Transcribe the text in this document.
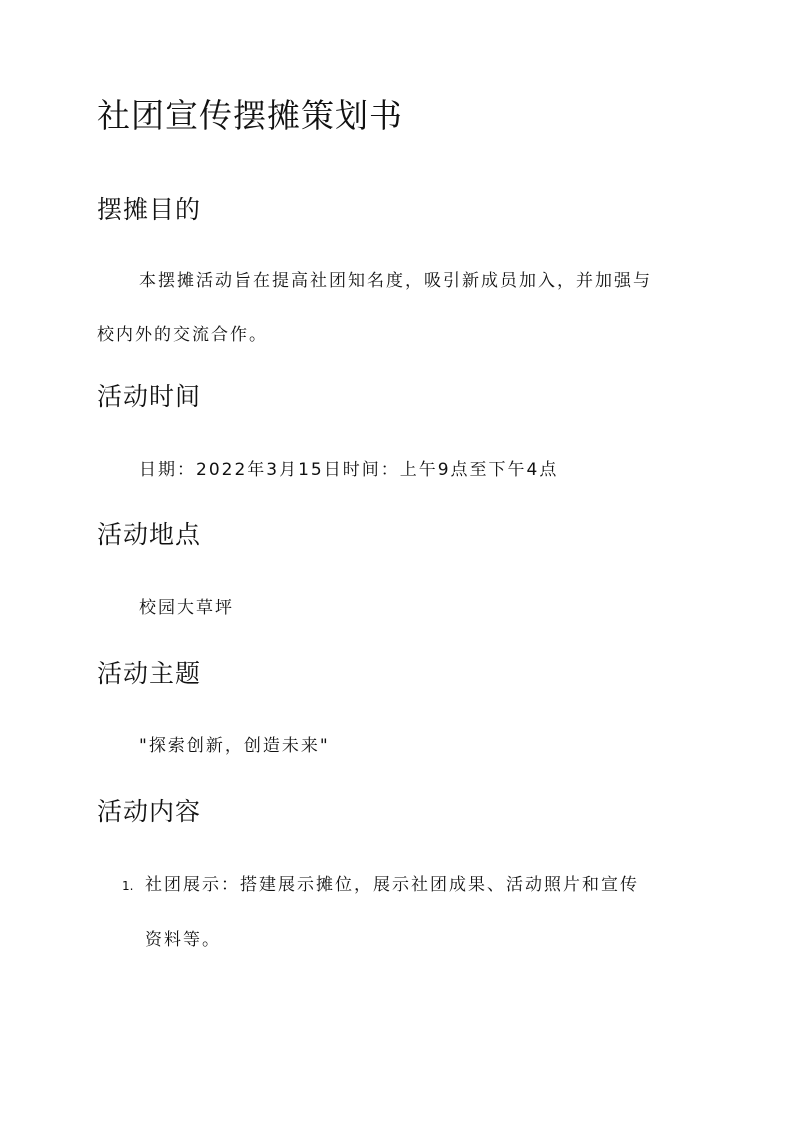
社团宣传摆摊策划书
摆摊目的
本摆摊活动旨在提高社团知名度，吸引新成员加入，并加强与
校内外的交流合作。
活动时间
日期：2022年3月15日时间：上午9点至下午4点
活动地点
校园大草坪
活动主题
"探索创新，创造未来"
活动内容
1. 社团展示：搭建展示摊位，展示社团成果、活动照片和宣传
资料等。
